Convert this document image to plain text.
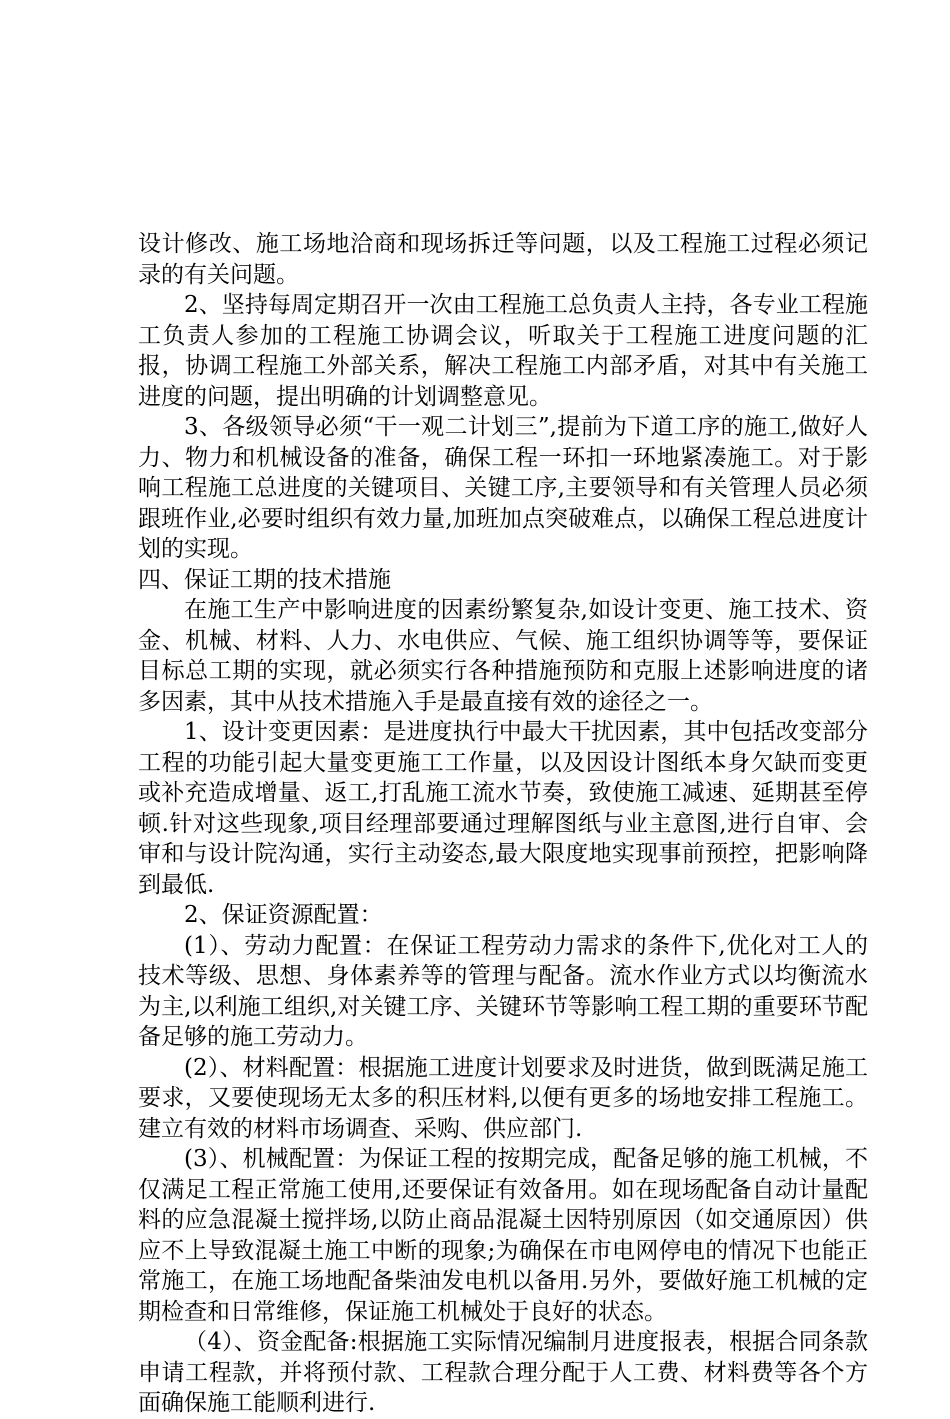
设计修改、施工场地洽商和现场拆迁等问题，以及工程施工过程必须记录的有关问题。

2、坚持每周定期召开一次由工程施工总负责人主持，各专业工程施工负责人参加的工程施工协调会议，听取关于工程施工进度问题的汇报，协调工程施工外部关系，解决工程施工内部矛盾，对其中有关施工进度的问题，提出明确的计划调整意见。

3、各级领导必须“干一观二计划三”,提前为下道工序的施工,做好人力、物力和机械设备的准备，确保工程一环扣一环地紧凑施工。对于影响工程施工总进度的关键项目、关键工序,主要领导和有关管理人员必须跟班作业,必要时组织有效力量,加班加点突破难点，以确保工程总进度计划的实现。

四、保证工期的技术措施

在施工生产中影响进度的因素纷繁复杂,如设计变更、施工技术、资金、机械、材料、人力、水电供应、气候、施工组织协调等等，要保证目标总工期的实现，就必须实行各种措施预防和克服上述影响进度的诸多因素，其中从技术措施入手是最直接有效的途径之一。

1、设计变更因素：是进度执行中最大干扰因素，其中包括改变部分工程的功能引起大量变更施工工作量，以及因设计图纸本身欠缺而变更或补充造成增量、返工,打乱施工流水节奏，致使施工减速、延期甚至停顿.针对这些现象,项目经理部要通过理解图纸与业主意图,进行自审、会审和与设计院沟通，实行主动姿态,最大限度地实现事前预控，把影响降到最低.

2、保证资源配置：

(1）、劳动力配置：在保证工程劳动力需求的条件下,优化对工人的技术等级、思想、身体素养等的管理与配备。流水作业方式以均衡流水为主,以利施工组织,对关键工序、关键环节等影响工程工期的重要环节配备足够的施工劳动力。

(2）、材料配置：根据施工进度计划要求及时进货，做到既满足施工要求，又要使现场无太多的积压材料,以便有更多的场地安排工程施工。建立有效的材料市场调查、采购、供应部门.

(3）、机械配置：为保证工程的按期完成，配备足够的施工机械，不仅满足工程正常施工使用,还要保证有效备用。如在现场配备自动计量配料的应急混凝土搅拌场,以防止商品混凝土因特别原因（如交通原因）供应不上导致混凝土施工中断的现象;为确保在市电网停电的情况下也能正常施工，在施工场地配备柴油发电机以备用.另外，要做好施工机械的定期检查和日常维修，保证施工机械处于良好的状态。

（4）、资金配备:根据施工实际情况编制月进度报表，根据合同条款申请工程款，并将预付款、工程款合理分配于人工费、材料费等各个方面确保施工能顺利进行.
